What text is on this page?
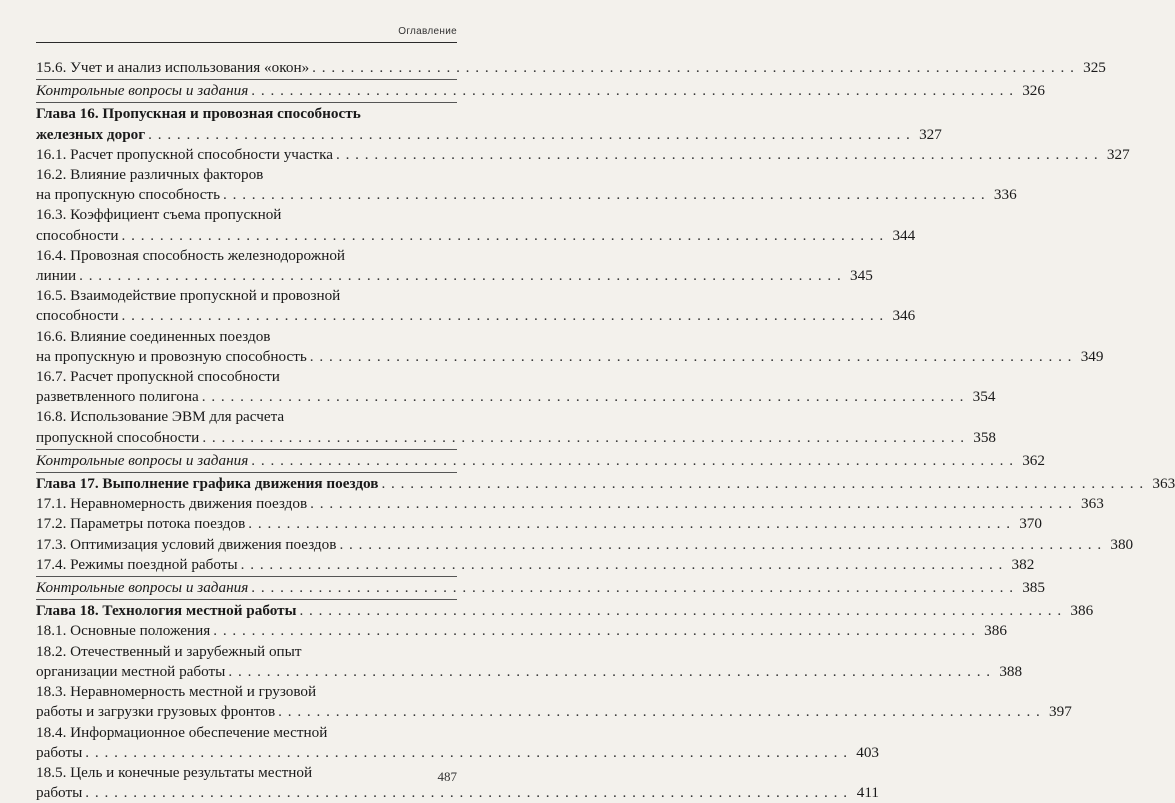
Оглавление
15.6. Учет и анализ использования «окон» . . .	325
Контрольные вопросы и задания . . .	326
Глава 16. Пропускная и провозная способность
железных дорог . . .	327
16.1. Расчет пропускной способности участка . . .	327
16.2. Влияние различных факторов
на пропускную способность . . .	336
16.3. Коэффициент съема пропускной
способности . . .	344
16.4. Провозная способность железнодорожной
линии . . .	345
16.5. Взаимодействие пропускной и провозной
способности . . .	346
16.6. Влияние соединенных поездов
на пропускную и провозную способность . . .	349
16.7. Расчет пропускной способности
разветвленного полигона . . .	354
16.8. Использование ЭВМ для расчета
пропускной способности . . .	358
Контрольные вопросы и задания . . .	362
Глава 17. Выполнение графика движения поездов . . .	363
17.1. Неравномерность движения поездов . . .	363
17.2. Параметры потока поездов . . .	370
17.3. Оптимизация условий движения поездов . . .	380
17.4. Режимы поездной работы . . .	382
Контрольные вопросы и задания . . .	385
Глава 18. Технология местной работы . . .	386
18.1. Основные положения . . .	386
18.2. Отечественный и зарубежный опыт
организации местной работы . . .	388
18.3. Неравномерность местной и грузовой
работы и загрузки грузовых фронтов . . .	397
18.4. Информационное обеспечение местной
работы . . .	403
18.5. Цель и конечные результаты местной
работы . . .	411
487
